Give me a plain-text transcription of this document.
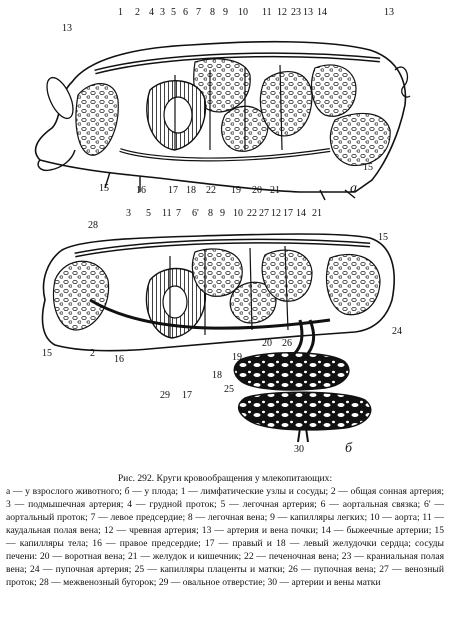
13
1 2 4 3 5 6 7 8 9 10 11 12 23 13 14	13
15
15	16 17 18 22 19 20 21	а
28
3 5 11 7 6' 8 9 10 22 27 12 17 14 21
15
15	2
16
29 17
18
19
20 26
24
25
30	б
Рис. 292. Круги кровообращения у млекопитающих:
а — у взрослого животного; б — у плода; 1 — лимфатические узлы и сосуды; 2 — общая сонная артерия; 3 — подмышечная артерия; 4 — грудной проток; 5 — легочная артерия; 6 — аортальная связка; 6' — аортальный проток; 7 — левое предсердие; 8 — легочная вена; 9 — капилляры легких; 10 — аорта; 11 — каудальная полая вена; 12 — чревная артерия; 13 — артерия и вена почки; 14 — быжеечные артерии; 15 — капилляры тела; 16 — правое предсердие; 17 — правый и 18 — левый желудочки сердца; сосуды печени: 20 — воротная вена; 21 — желудок и кишечник; 22 — печеночная вена; 23 — краниальная полая вена; 24 — пупочная артерия; 25 — капилляры плаценты и матки; 26 — пупочная вена; 27 — венозный проток; 28 — межвенозный бугорок; 29 — овальное отверстие; 30 — артерии и вены матки
